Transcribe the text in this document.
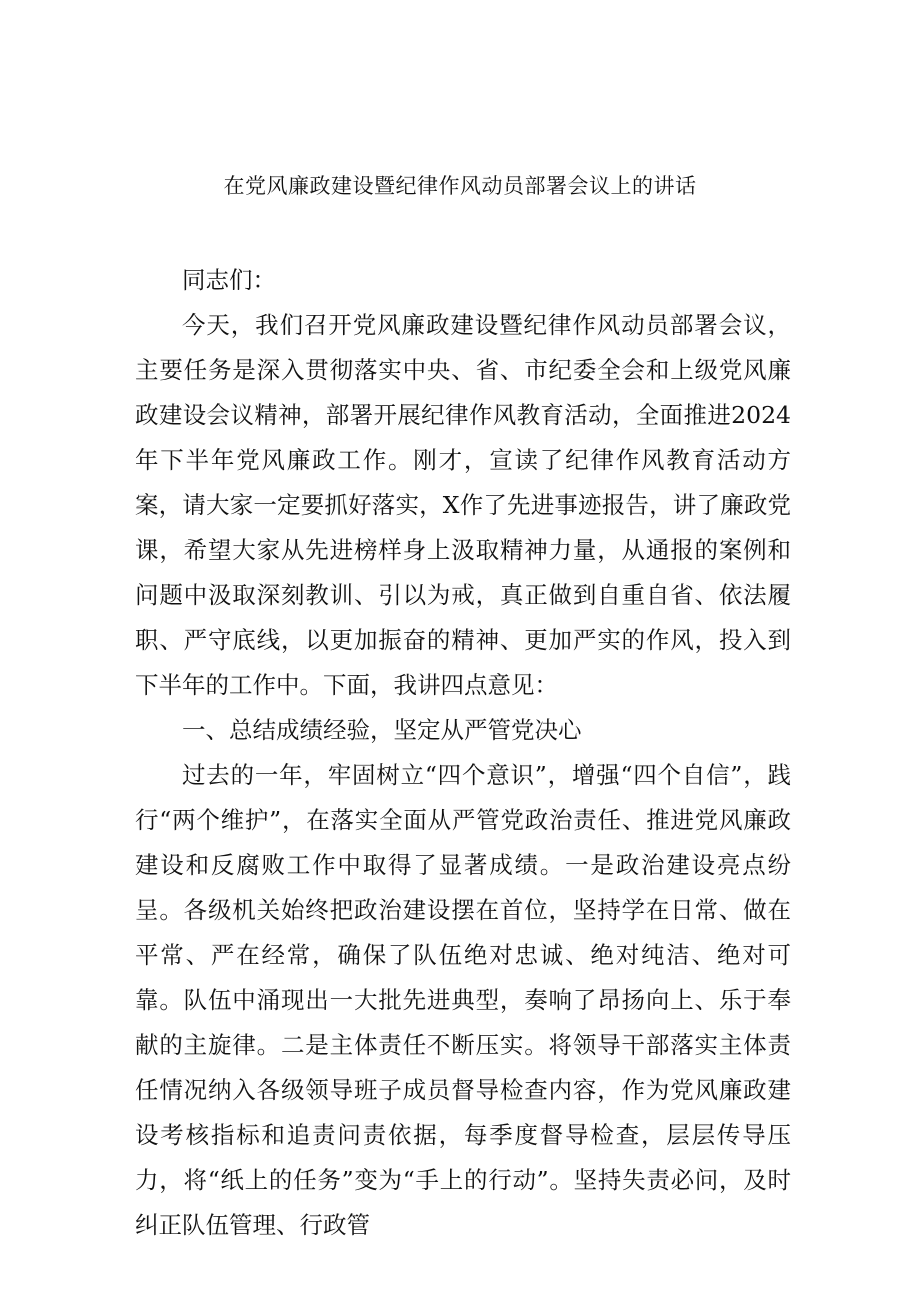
在党风廉政建设暨纪律作风动员部署会议上的讲话

同志们：

今天，我们召开党风廉政建设暨纪律作风动员部署会议，主要任务是深入贯彻落实中央、省、市纪委全会和上级党风廉政建设会议精神，部署开展纪律作风教育活动，全面推进2024年下半年党风廉政工作。刚才，宣读了纪律作风教育活动方案，请大家一定要抓好落实，X作了先进事迹报告，讲了廉政党课，希望大家从先进榜样身上汲取精神力量，从通报的案例和问题中汲取深刻教训、引以为戒，真正做到自重自省、依法履职、严守底线，以更加振奋的精神、更加严实的作风，投入到下半年的工作中。下面，我讲四点意见：

一、总结成绩经验，坚定从严管党决心

过去的一年，牢固树立“四个意识”，增强“四个自信”，践行“两个维护”，在落实全面从严管党政治责任、推进党风廉政建设和反腐败工作中取得了显著成绩。一是政治建设亮点纷呈。各级机关始终把政治建设摆在首位，坚持学在日常、做在平常、严在经常，确保了队伍绝对忠诚、绝对纯洁、绝对可靠。队伍中涌现出一大批先进典型，奏响了昂扬向上、乐于奉献的主旋律。二是主体责任不断压实。将领导干部落实主体责任情况纳入各级领导班子成员督导检查内容，作为党风廉政建设考核指标和追责问责依据，每季度督导检查，层层传导压力，将“纸上的任务”变为“手上的行动”。坚持失责必问，及时纠正队伍管理、行政管
